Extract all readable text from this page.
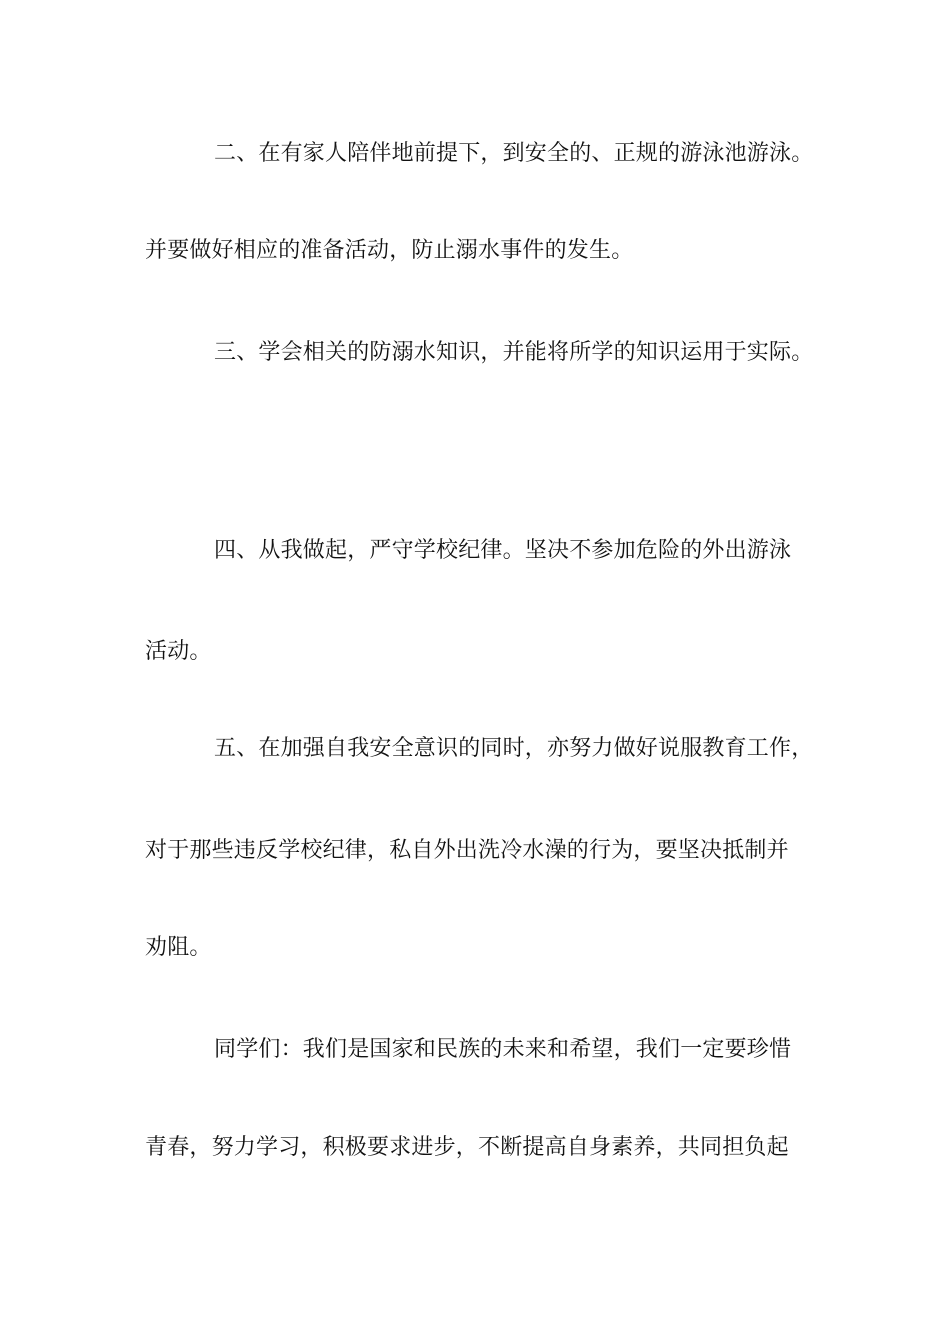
二、在有家人陪伴地前提下，到安全的、正规的游泳池游泳。
并要做好相应的准备活动，防止溺水事件的发生。
三、学会相关的防溺水知识，并能将所学的知识运用于实际。
四、从我做起，严守学校纪律。坚决不参加危险的外出游泳
活动。
五、在加强自我安全意识的同时，亦努力做好说服教育工作，
对于那些违反学校纪律，私自外出洗冷水澡的行为，要坚决抵制并
劝阻。
同学们：我们是国家和民族的未来和希望，我们一定要珍惜
青春，努力学习，积极要求进步，不断提高自身素养，共同担负起
